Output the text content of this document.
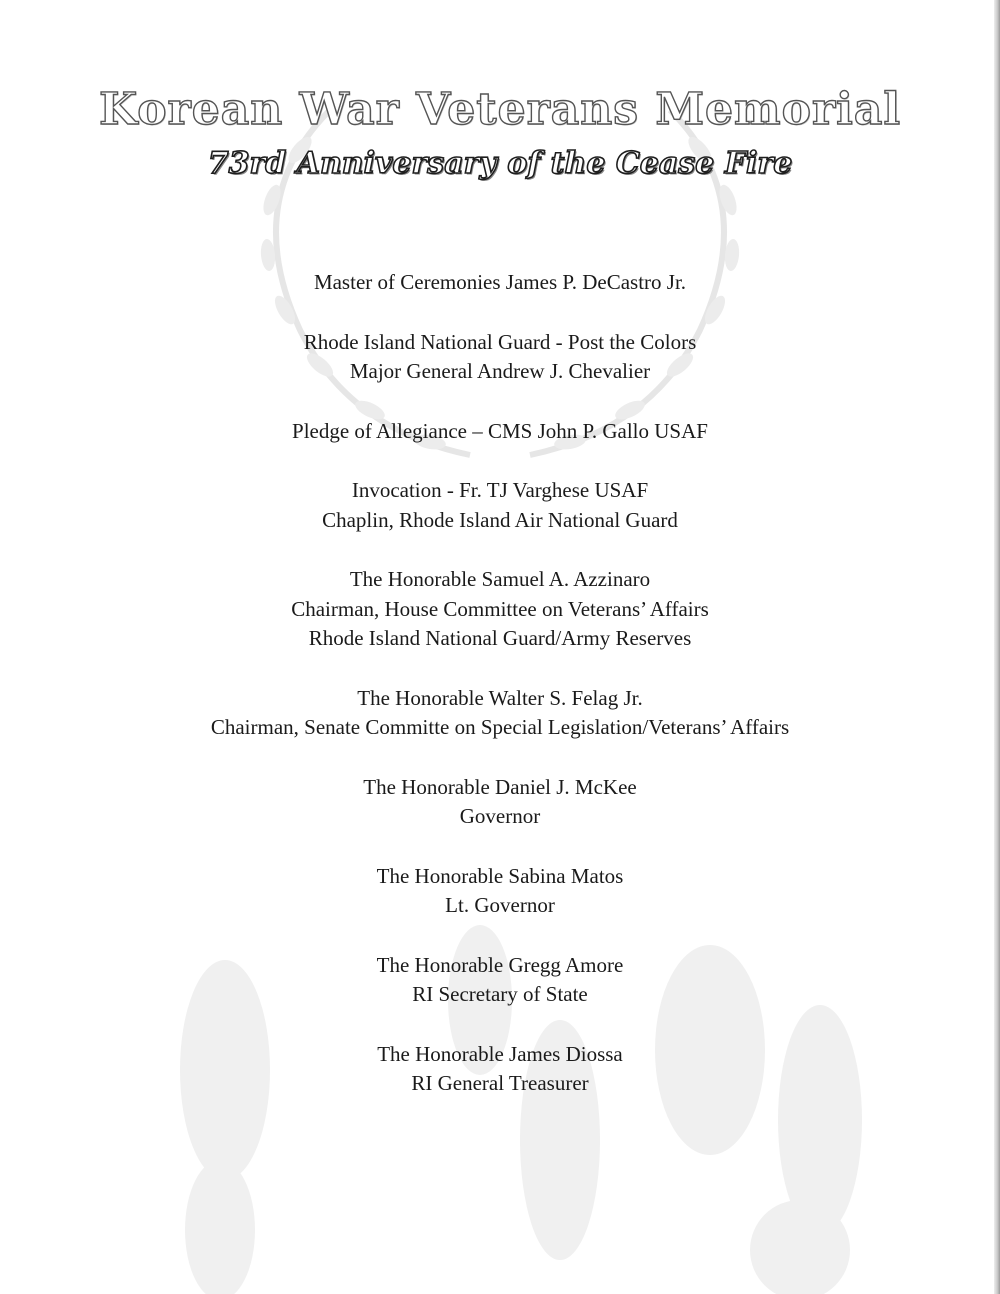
Korean War Veterans Memorial
73rd Anniversary of the Cease Fire
Master of Ceremonies James P. DeCastro Jr.
Rhode Island National Guard - Post the Colors
Major General Andrew J. Chevalier
Pledge of Allegiance – CMS John P. Gallo USAF
Invocation - Fr. TJ Varghese USAF
Chaplin, Rhode Island Air National Guard
The Honorable Samuel A. Azzinaro
Chairman, House Committee on Veterans’ Affairs
Rhode Island National Guard/Army Reserves
The Honorable Walter S. Felag Jr.
Chairman, Senate Committe on Special Legislation/Veterans’ Affairs
The Honorable Daniel J. McKee
Governor
The Honorable Sabina Matos
Lt. Governor
The Honorable Gregg Amore
RI Secretary of State
The Honorable James Diossa
RI General Treasurer
